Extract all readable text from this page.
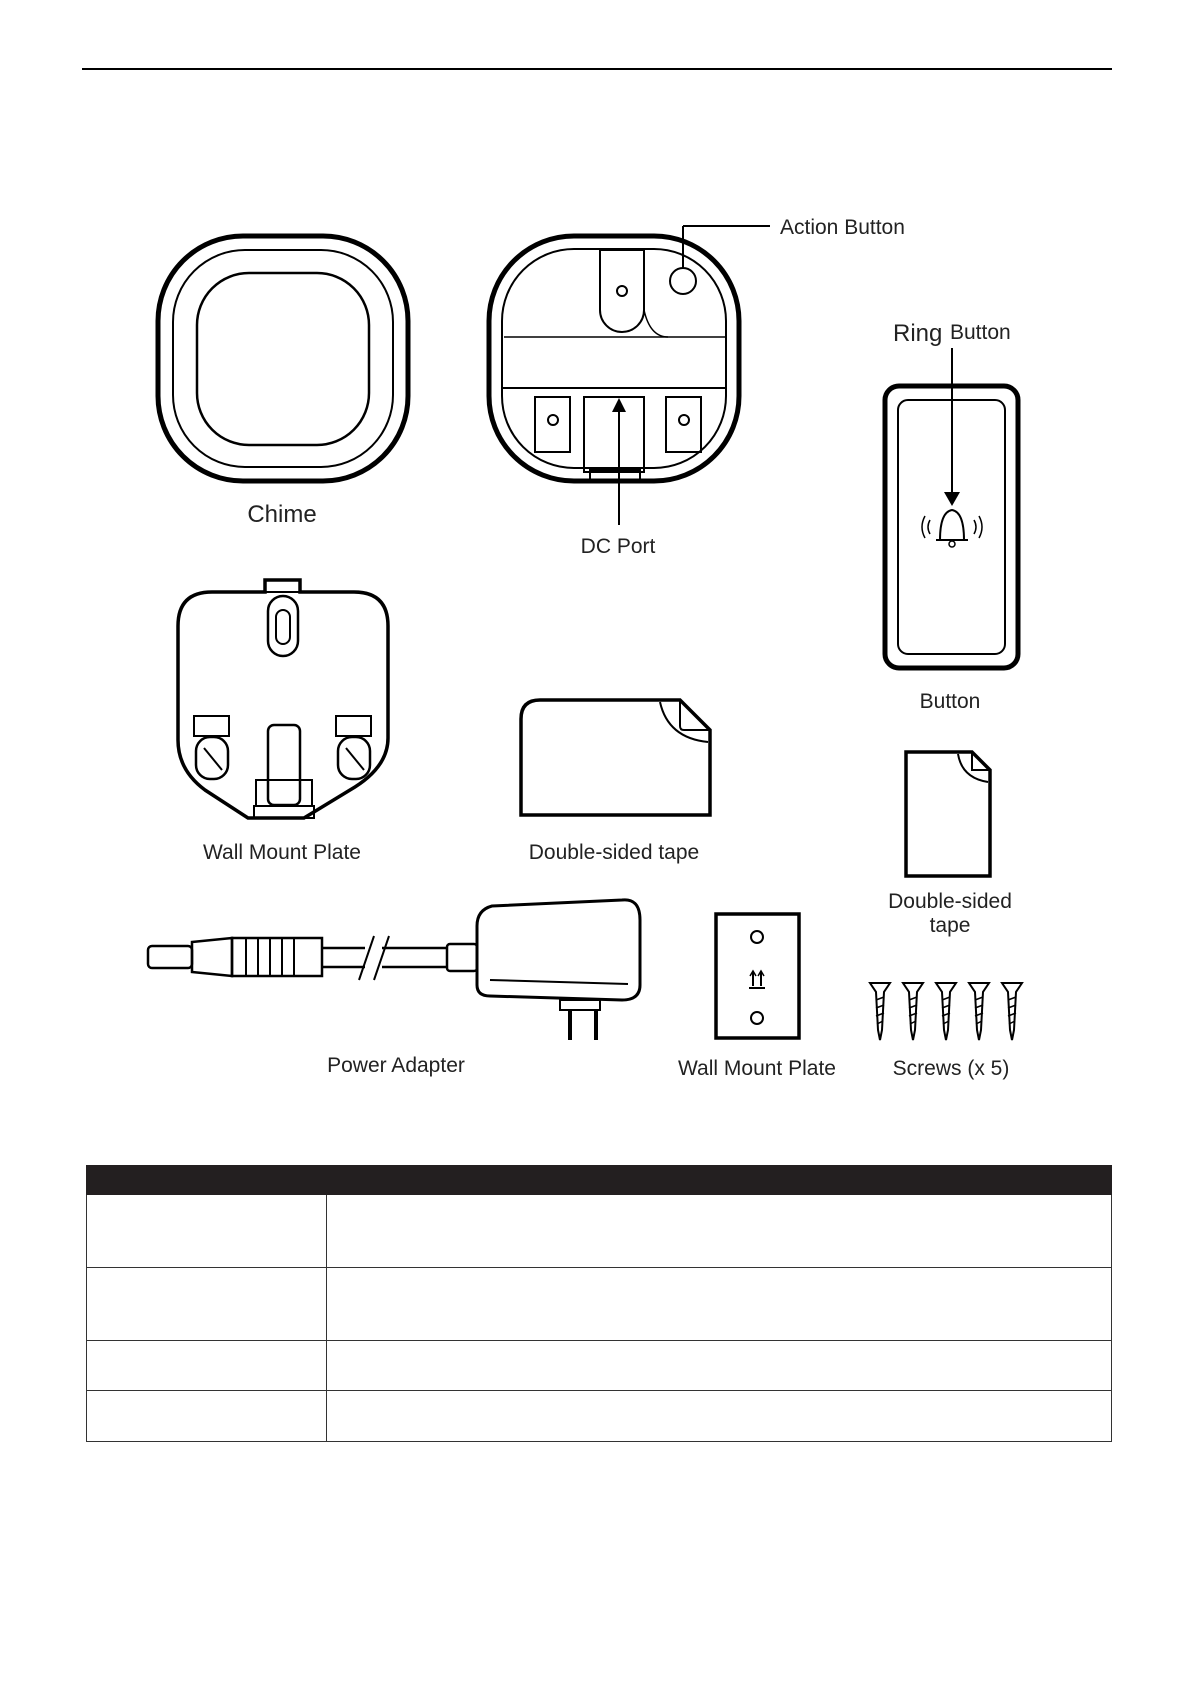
Chime
Action Button
DC Port
Ring Button
Button
Wall Mount Plate	Double-sided tape
Double-sided
tape
Power Adapter	Wall Mount Plate	Screws (x 5)
